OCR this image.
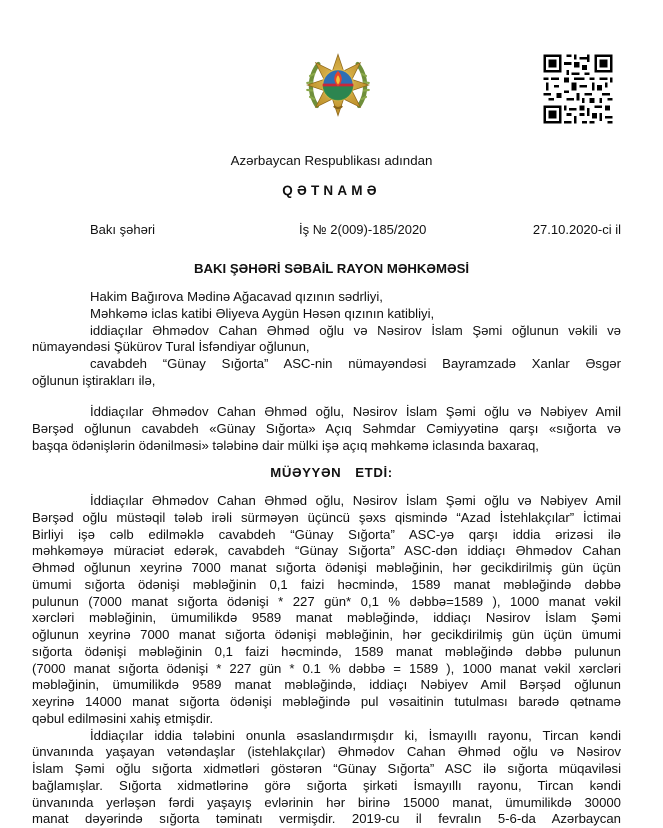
Azərbaycan Respublikası adından
QƏTNAMƏ
Bakı şəhəri	İş № 2(009)-185/2020	27.10.2020-ci il
BAKI ŞƏHƏRİ SƏBAİL RAYON MƏHKƏMƏSİ
Hakim Bağırova Mədinə Ağacavad qızının sədrliyi,
Məhkəmə iclas katibi Əliyeva Aygün Həsən qızının katibliyi,
iddiaçılar Əhmədov Cahan Əhməd oğlu və Nəsirov İslam Şəmi oğlunun vəkili və
nümayəndəsi Şükürov Tural İsfəndiyar oğlunun,
cavabdeh “Günay Sığorta” ASC-nin nümayəndəsi Bayramzadə Xanlar Əsgər
oğlunun iştirakları ilə,
İddiaçılar Əhmədov Cahan Əhməd oğlu, Nəsirov İslam Şəmi oğlu və Nəbiyev Amil
Bərşəd oğlunun cavabdeh «Günay Sığorta» Açıq Səhmdar Cəmiyyətinə qarşı «sığorta və
başqa ödənişlərin ödənilməsi» tələbinə dair mülki işə açıq məhkəmə iclasında baxaraq,
MÜƏYYƏN ETDİ:
İddiaçılar Əhmədov Cahan Əhməd oğlu, Nəsirov İslam Şəmi oğlu və Nəbiyev Amil
Bərşəd oğlu müstəqil tələb irəli sürməyən üçüncü şəxs qismində “Azad İstehlakçılar” İctimai
Birliyi işə cəlb edilməklə cavabdeh “Günay Sığorta” ASC-yə qarşı iddia ərizəsi ilə
məhkəməyə müraciət edərək, cavabdeh “Günay Sığorta” ASC-dən iddiaçı Əhmədov Cahan
Əhməd oğlunun xeyrinə 7000 manat sığorta ödənişi məbləğinin, hər gecikdirilmiş gün üçün
ümumi sığorta ödənişi məbləğinin 0,1 faizi həcmində, 1589 manat məbləğində dəbbə
pulunun (7000 manat sığorta ödənişi * 227 gün* 0,1 % dəbbə=1589 ), 1000 manat vəkil
xərcləri məbləğinin, ümumilikdə 9589 manat məbləğində, iddiaçı Nəsirov İslam Şəmi
oğlunun xeyrinə 7000 manat sığorta ödənişi məbləğinin, hər gecikdirilmiş gün üçün ümumi
sığorta ödənişi məbləğinin 0,1 faizi həcmində, 1589 manat məbləğində dəbbə pulunun
(7000 manat sığorta ödənişi * 227 gün * 0.1 % dəbbə = 1589 ), 1000 manat vəkil xərcləri
məbləğinin, ümumilikdə 9589 manat məbləğində, iddiaçı Nəbiyev Amil Bərşəd oğlunun
xeyrinə 14000 manat sığorta ödənişi məbləğində pul vəsaitinin tutulması barədə qətnamə
qəbul edilməsini xahiş etmişdir.
İddiaçılar iddia tələbini onunla əsaslandırmışdır ki, İsmayıllı rayonu, Tircan kəndi
ünvanında yaşayan vətəndaşlar (istehlakçılar) Əhmədov Cahan Əhməd oğlu və Nəsirov
İslam Şəmi oğlu sığorta xidmətləri göstərən “Günay Sığorta” ASC ilə sığorta müqaviləsi
bağlamışlar. Sığorta xidmətlərinə görə sığorta şirkəti İsmayıllı rayonu, Tircan kəndi
ünvanında yerləşən fərdi yaşayış evlərinin hər birinə 15000 manat, ümumilikdə 30000
manat dəyərində sığorta təminatı vermişdir. 2019-cu il fevralın 5-6-da Azərbaycan
